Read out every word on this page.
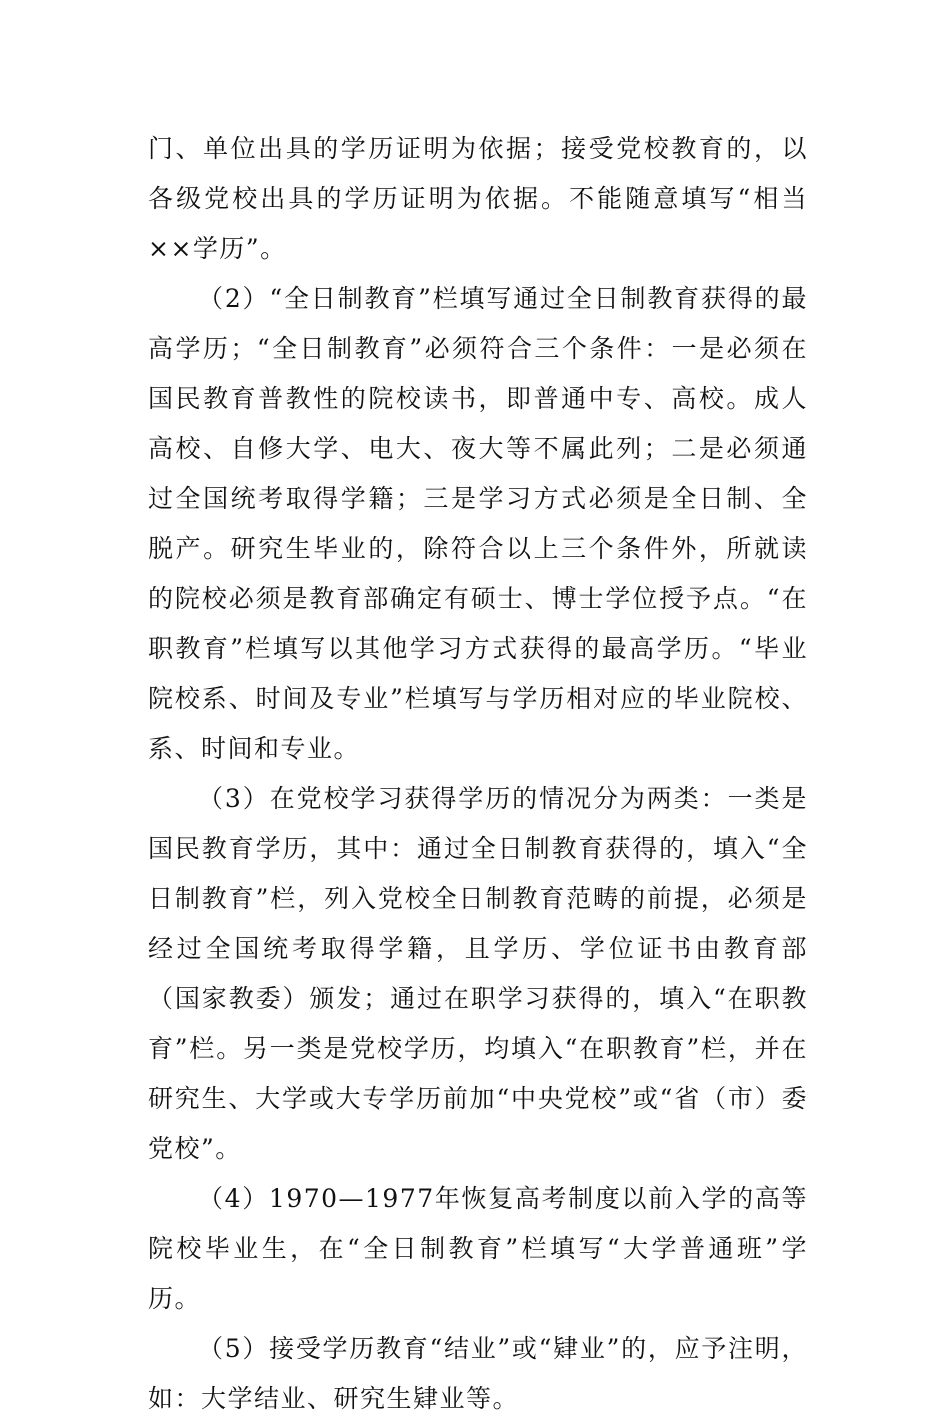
门、单位出具的学历证明为依据；接受党校教育的，以各级党校出具的学历证明为依据。不能随意填写“相当××学历”。

（2）“全日制教育”栏填写通过全日制教育获得的最高学历；“全日制教育”必须符合三个条件：一是必须在国民教育普教性的院校读书，即普通中专、高校。成人高校、自修大学、电大、夜大等不属此列；二是必须通过全国统考取得学籍；三是学习方式必须是全日制、全脱产。研究生毕业的，除符合以上三个条件外，所就读的院校必须是教育部确定有硕士、博士学位授予点。“在职教育”栏填写以其他学习方式获得的最高学历。“毕业院校系、时间及专业”栏填写与学历相对应的毕业院校、系、时间和专业。

（3）在党校学习获得学历的情况分为两类：一类是国民教育学历，其中：通过全日制教育获得的，填入“全日制教育”栏，列入党校全日制教育范畴的前提，必须是经过全国统考取得学籍，且学历、学位证书由教育部（国家教委）颁发；通过在职学习获得的，填入“在职教育”栏。另一类是党校学历，均填入“在职教育”栏，并在研究生、大学或大专学历前加“中央党校”或“省（市）委党校”。

（4）1970—1977年恢复高考制度以前入学的高等院校毕业生，在“全日制教育”栏填写“大学普通班”学历。

（5）接受学历教育“结业”或“肄业”的，应予注明，如：大学结业、研究生肄业等。
